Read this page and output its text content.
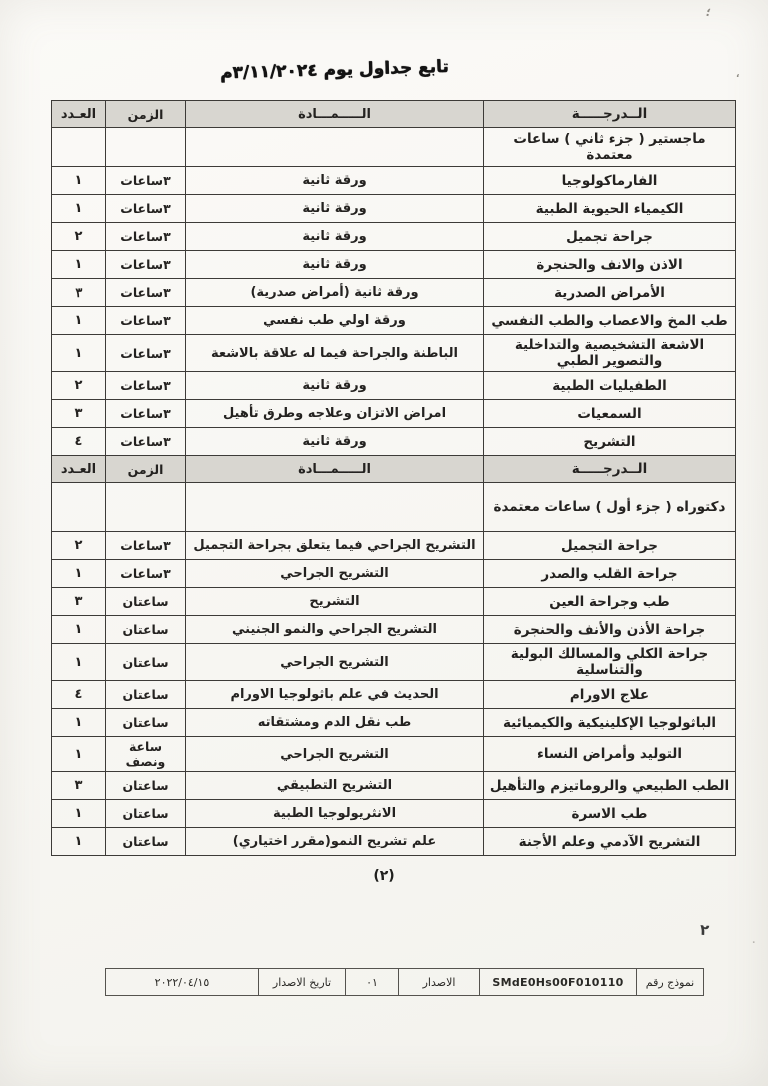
؛
،
.
تابع جداول يوم ٣/١١/٢٠٢٤م
الــدرجـــــة	الـــــمـــادة	الزمن	العـدد
ماجستير ( جزء ثاني ) ساعات معتمدة			
الفارماكولوجيا	ورقة ثانية	٣ساعات	١
الكيمياء الحيوية الطبية	ورقة ثانية	٣ساعات	١
جراحة تجميل	ورقة ثانية	٣ساعات	٢
الاذن والانف والحنجرة	ورقة ثانية	٣ساعات	١
الأمراض الصدرية	ورقة ثانية (أمراض صدرية)	٣ساعات	٣
طب المخ والاعصاب والطب النفسي	ورقة اولي طب نفسي	٣ساعات	١
الاشعة التشخيصية والتداخلية والتصوير الطبي	الباطنة والجراحة فيما له علاقة بالاشعة	٣ساعات	١
الطفيليات الطبية	ورقة ثانية	٣ساعات	٢
السمعيات	امراض الاتزان وعلاجه وطرق تأهيل	٣ساعات	٣
التشريح	ورقة ثانية	٣ساعات	٤
الــدرجـــــة	الـــــمـــادة	الزمن	العـدد
دكتوراه ( جزء أول ) ساعات معتمدة			
جراحة التجميل	التشريح الجراحي فيما يتعلق بجراحة التجميل	٣ساعات	٢
جراحة القلب والصدر	التشريح الجراحي	٣ساعات	١
طب وجراحة العين	التشريح	ساعتان	٣
جراحة الأذن والأنف والحنجرة	التشريح الجراحي والنمو الجنيني	ساعتان	١
جراحة الكلي والمسالك البولية والتناسلية	التشريح الجراحي	ساعتان	١
علاج الاورام	الحديث في علم باثولوجيا الاورام	ساعتان	٤
الباثولوجيا الإكلينيكية والكيميائية	طب نقل الدم ومشتقاته	ساعتان	١
التوليد وأمراض النساء	التشريح الجراحي	ساعة ونصف	١
الطب الطبيعي والروماتيزم والتأهيل	التشريح التطبيقي	ساعتان	٣
طب الاسرة	الانثريولوجيا الطبية	ساعتان	١
التشريح الآدمي وعلم الأجنة	علم تشريح النمو(مقرر اختياري)	ساعتان	١
(٢)
٢
نموذج رقم	SMdE0Hs00F010110	الاصدار	٠١	تاريخ الاصدار	٢٠٢٢/٠٤/١٥
